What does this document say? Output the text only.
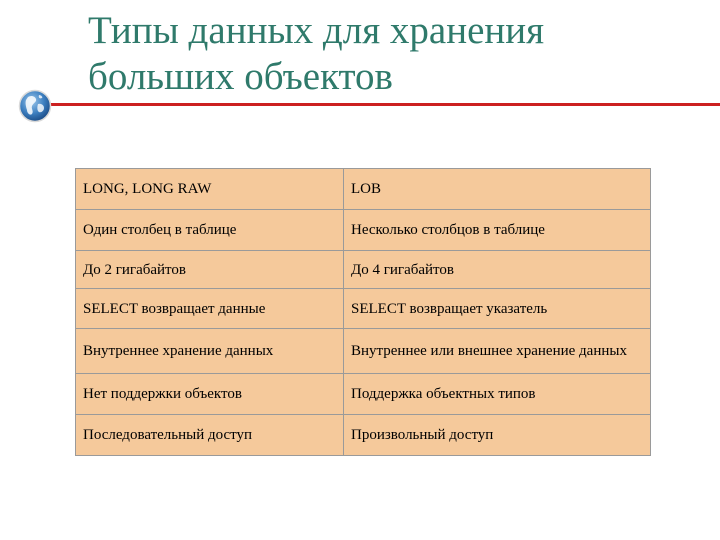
Типы данных для хранения
больших объектов
LONG, LONG RAW	LOB
Один столбец в таблице	Несколько столбцов в таблице
До 2 гигабайтов	До 4 гигабайтов
SELECT возвращает данные	SELECT возвращает указатель
Внутреннее хранение данных	Внутреннее или внешнее хранение данных
Нет поддержки объектов	Поддержка объектных типов
Последовательный доступ	Произвольный доступ
